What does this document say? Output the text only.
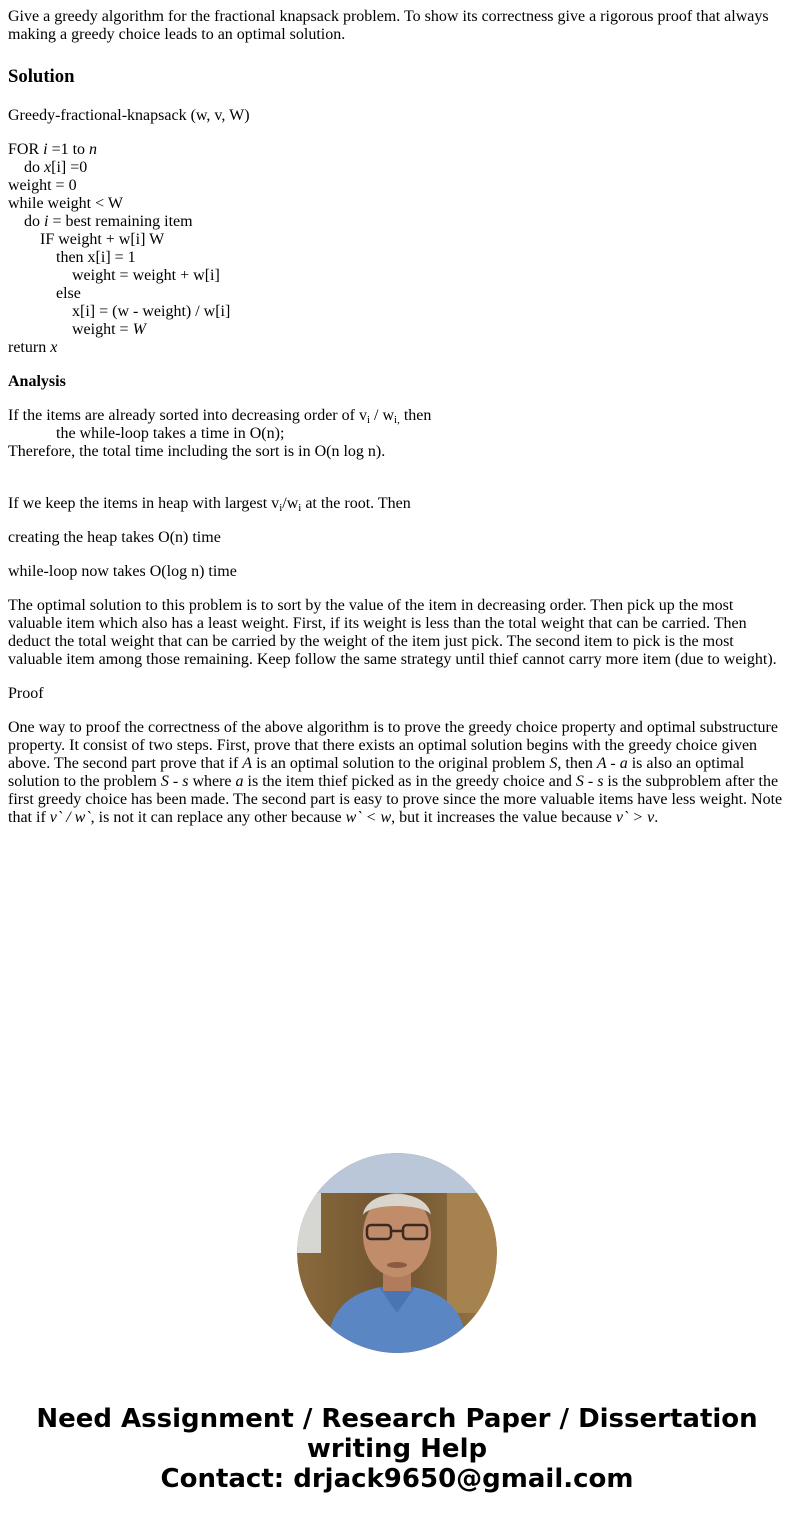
Give a greedy algorithm for the fractional knapsack problem. To show its correctness give a rigorous proof that always making a greedy choice leads to an optimal solution.

Solution

Greedy-fractional-knapsack (w, v, W)

FOR i =1 to n
do x[i] =0
weight = 0
while weight < W
do i = best remaining item
IF weight + w[i] W
then x[i] = 1
weight = weight + w[i]
else
x[i] = (w - weight) / w[i]
weight = W
return x

Analysis

If the items are already sorted into decreasing order of $v_i / w_{i,}$ then

the while-loop takes a time in O(n);

Therefore, the total time including the sort is in O(n log n).

If we keep the items in heap with largest $v_i/w_i$ at the root. Then

creating the heap takes O(n) time

while-loop now takes O(log n) time

The optimal solution to this problem is to sort by the value of the item in decreasing order. Then pick up the most valuable item which also has a least weight. First, if its weight is less than the total weight that can be carried. Then deduct the total weight that can be carried by the weight of the item just pick. The second item to pick is the most valuable item among those remaining. Keep follow the same strategy until thief cannot carry more item (due to weight).

Proof

One way to proof the correctness of the above algorithm is to prove the greedy choice property and optimal substructure property. It consist of two steps. First, prove that there exists an optimal solution begins with the greedy choice given above. The second part prove that if A is an optimal solution to the original problem S, then A - a is also an optimal solution to the problem S - s where a is the item thief picked as in the greedy choice and S - s is the subproblem after the first greedy choice has been made. The second part is easy to prove since the more valuable items have less weight. Note that if v` / w`, is not it can replace any other because w` < w, but it increases the value because v` > v.

Need Assignment / Research Paper / Dissertation
writing Help
Contact: drjack9650@gmail.com
